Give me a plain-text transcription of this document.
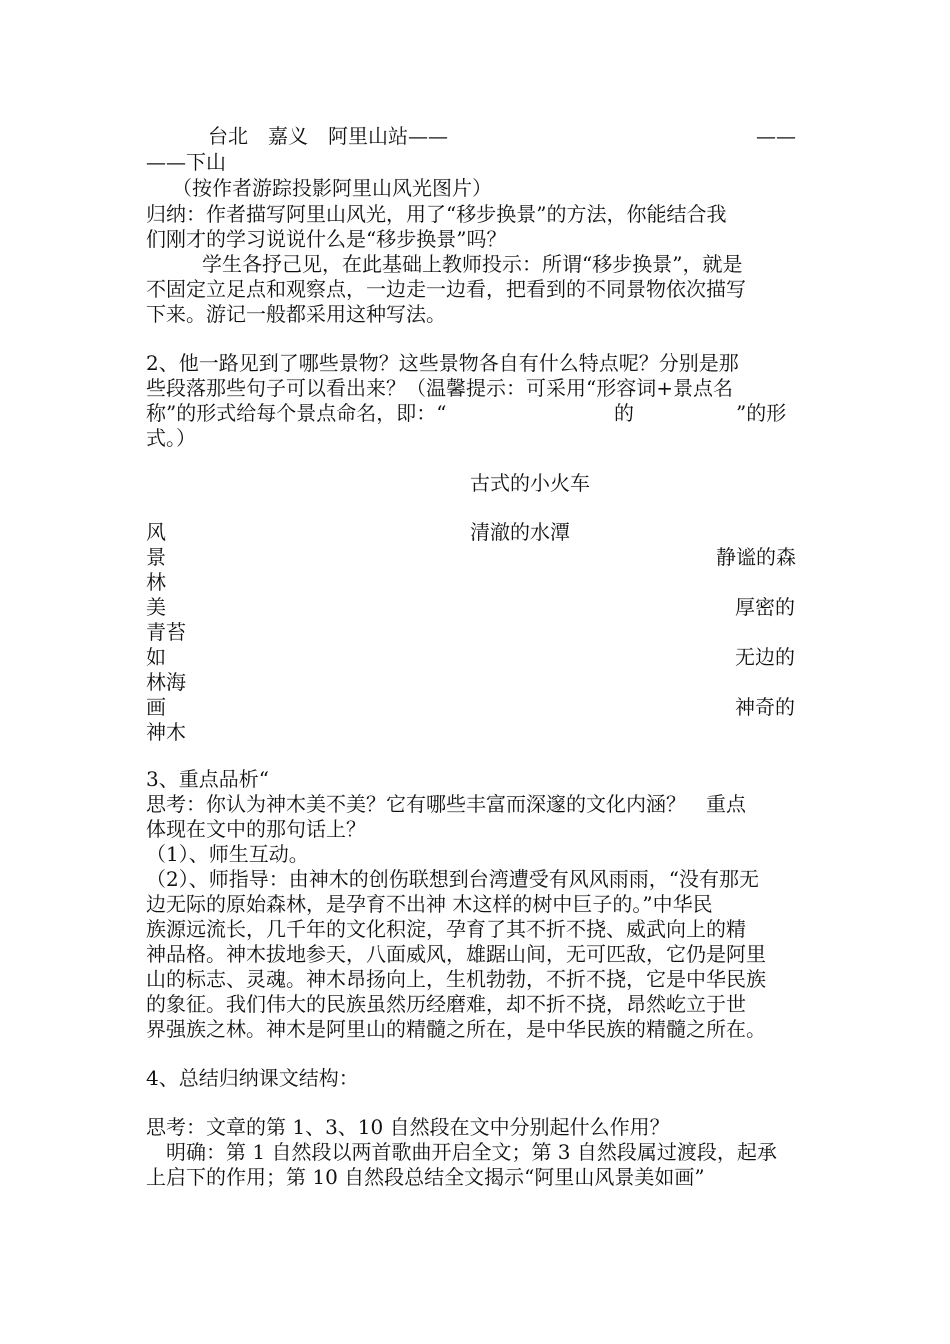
台北　嘉义　阿里山站——	——
——下山
（按作者游踪投影阿里山风光图片）
归纳：作者描写阿里山风光，用了“移步换景”的方法，你能结合我
们刚才的学习说说什么是“移步换景”吗？
学生各抒己见，在此基础上教师投示：所谓“移步换景”，就是
不固定立足点和观察点，一边走一边看，把看到的不同景物依次描写
下来。游记一般都采用这种写法。
2、他一路见到了哪些景物？这些景物各自有什么特点呢？分别是那
些段落那些句子可以看出来？（温馨提示：可采用“形容词+景点名
称”的形式给每个景点命名，即：“	的	”的形
式。）
古式的小火车
清澈的水潭
风
景
林
美
青苔
如
林海
画
神木
静谧的森
厚密的
无边的
神奇的
3、重点品析“
思考：你认为神木美不美？它有哪些丰富而深邃的文化内涵？　重点
体现在文中的那句话上？
（1）、师生互动。
（2）、师指导：由神木的创伤联想到台湾遭受有风风雨雨，“没有那无
边无际的原始森林，是孕育不出神 木这样的树中巨子的。”中华民
族源远流长，几千年的文化积淀，孕育了其不折不挠、威武向上的精
神品格。神木拔地参天，八面威风，雄踞山间，无可匹敌，它仍是阿里
山的标志、灵魂。神木昂扬向上，生机勃勃，不折不挠，它是中华民族
的象征。我们伟大的民族虽然历经磨难，却不折不挠，昂然屹立于世
界强族之林。神木是阿里山的精髓之所在，是中华民族的精髓之所在。
4、总结归纳课文结构：
思考：文章的第 1、3、10 自然段在文中分别起什么作用？
明确：第 1 自然段以两首歌曲开启全文；第 3 自然段属过渡段，起承
上启下的作用；第 10 自然段总结全文揭示“阿里山风景美如画”
